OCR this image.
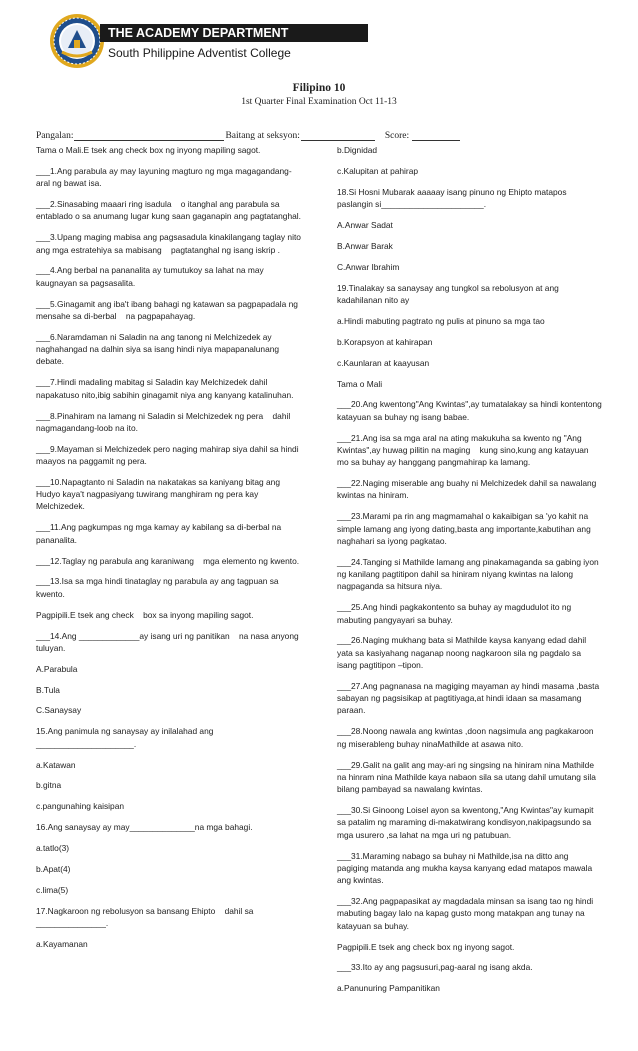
THE ACADEMY DEPARTMENT
South Philippine Adventist College
Filipino 10
1st Quarter Final Examination Oct 11-13
Pangalan:	Baitang at seksyon:	Score:

Tama o Mali.E tsek ang check box ng inyong mapiling sagot.

___1.Ang parabula ay may layuning magturo ng mga magagandang-aral ng bawat isa.

___2.Sinasabing maaari ring isadula    o itanghal ang parabula sa entablado o sa anumang lugar kung saan gaganapin ang pagtatanghal.

___3.Upang maging mabisa ang pagsasadula kinakilangang taglay nito ang mga estratehiya sa mabisang    pagtatanghal ng isang iskrip .

___4.Ang berbal na pananalita ay tumutukoy sa lahat na may kaugnayan sa pagsasalita.

___5.Ginagamit ang iba't ibang bahagi ng katawan sa pagpapadala ng mensahe sa di-berbal    na pagpapahayag.

___6.Naramdaman ni Saladin na ang tanong ni Melchizedek ay naghahangad na dalhin siya sa isang hindi niya mapapanalunang debate.

___7.Hindi madaling mabitag si Saladin kay Melchizedek dahil napakatuso nito,ibig sabihin ginagamit niya ang kanyang katalinuhan.

___8.Pinahiram na lamang ni Saladin si Melchizedek ng pera    dahil nagmagandang-loob na ito.

___9.Mayaman si Melchizedek pero naging mahirap siya dahil sa hindi maayos na paggamit ng pera.

___10.Napagtanto ni Saladin na nakatakas sa kaniyang bitag ang Hudyo kaya't nagpasiyang tuwirang manghiram ng pera kay Melchizedek.

___11.Ang pagkumpas ng mga kamay ay kabilang sa di-berbal na pananalita.

___12.Taglay ng parabula ang karaniwang    mga elemento ng kwento.

___13.Isa sa mga hindi tinataglay ng parabula ay ang tagpuan sa kwento.

Pagpipili.E tsek ang check    box sa inyong mapiling sagot.

___14.Ang _____________ay isang uri ng panitikan    na nasa anyong tuluyan.

A.Parabula

B.Tula

C.Sanaysay

15.Ang panimula ng sanaysay ay inilalahad ang _____________________.

a.Katawan

b.gitna

c.pangunahing kaisipan

16.Ang sanaysay ay may______________na mga bahagi.

a.tatlo(3)

b.Apat(4)

c.lima(5)

17.Nagkaroon ng rebolusyon sa bansang Ehipto    dahil sa _______________.

a.Kayamanan

b.Dignidad

c.Kalupitan at pahirap

18.Si Hosni Mubarak aaaaay isang pinuno ng Ehipto matapos paslangin si______________________.

A.Anwar Sadat

B.Anwar Barak

C.Anwar Ibrahim

19.Tinalakay sa sanaysay ang tungkol sa rebolusyon at ang kadahilanan nito ay

a.Hindi mabuting pagtrato ng pulis at pinuno sa mga tao

b.Korapsyon at kahirapan

c.Kaunlaran at kaayusan

Tama o Mali

___20.Ang kwentong"Ang Kwintas",ay tumatalakay sa hindi kontentong katayuan sa buhay ng isang babae.

___21.Ang isa sa mga aral na ating makukuha sa kwento ng "Ang Kwintas",ay huwag pilitin na maging    kung sino,kung ang katayuan mo sa buhay ay hanggang pangmahirap ka lamang.

___22.Naging miserable ang buahy ni Melchizedek dahil sa nawalang kwintas na hiniram.

___23.Marami pa rin ang magmamahal o kakaibigan sa 'yo kahit na simple lamang ang iyong dating,basta ang importante,kabutihan ang naghahari sa iyong pagkatao.

___24.Tanging si Mathilde lamang ang pinakamaganda sa gabing iyon ng kanilang pagtitipon dahil sa hiniram niyang kwintas na lalong nagpaganda sa hitsura niya.

___25.Ang hindi pagkakontento sa buhay ay magdudulot ito ng mabuting pangyayari sa buhay.

___26.Naging mukhang bata si Mathilde kaysa kanyang edad dahil yata sa kasiyahang naganap noong nagkaroon sila ng pagdalo sa isang pagtitipon –tipon.

___27.Ang pagnanasa na magiging mayaman ay hindi masama ,basta sabayan ng pagsisikap at pagtitiyaga,at hindi idaan sa masamang paraan.

___28.Noong nawala ang kwintas ,doon nagsimula ang pagkakaroon ng miserableng buhay ninaMathilde at asawa nito.

___29.Galit na galit ang may-ari ng singsing na hiniram nina Mathilde    na hinram nina Mathilde kaya nabaon sila sa utang dahil umutang sila bilang pambayad sa nawalang kwintas.

___30.Si Ginoong Loisel ayon sa kwentong,"Ang Kwintas"ay kumapit sa patalim ng maraming di-makatwirang kondisyon,nakipagsundo sa mga usurero ,sa lahat na mga uri ng patubuan.

___31.Maraming nabago sa buhay ni Mathilde,isa na ditto ang pagiging matanda ang mukha kaysa kanyang edad matapos mawala ang kwintas.

___32.Ang pagpapasikat ay magdadala minsan sa isang tao ng hindi mabuting bagay lalo na kapag gusto mong matakpan ang tunay na katayuan sa buhay.

Pagpipili.E tsek ang check box ng inyong sagot.

___33.Ito ay ang pagsusuri,pag-aaral ng isang akda.

a.Panunuring Pampanitikan
